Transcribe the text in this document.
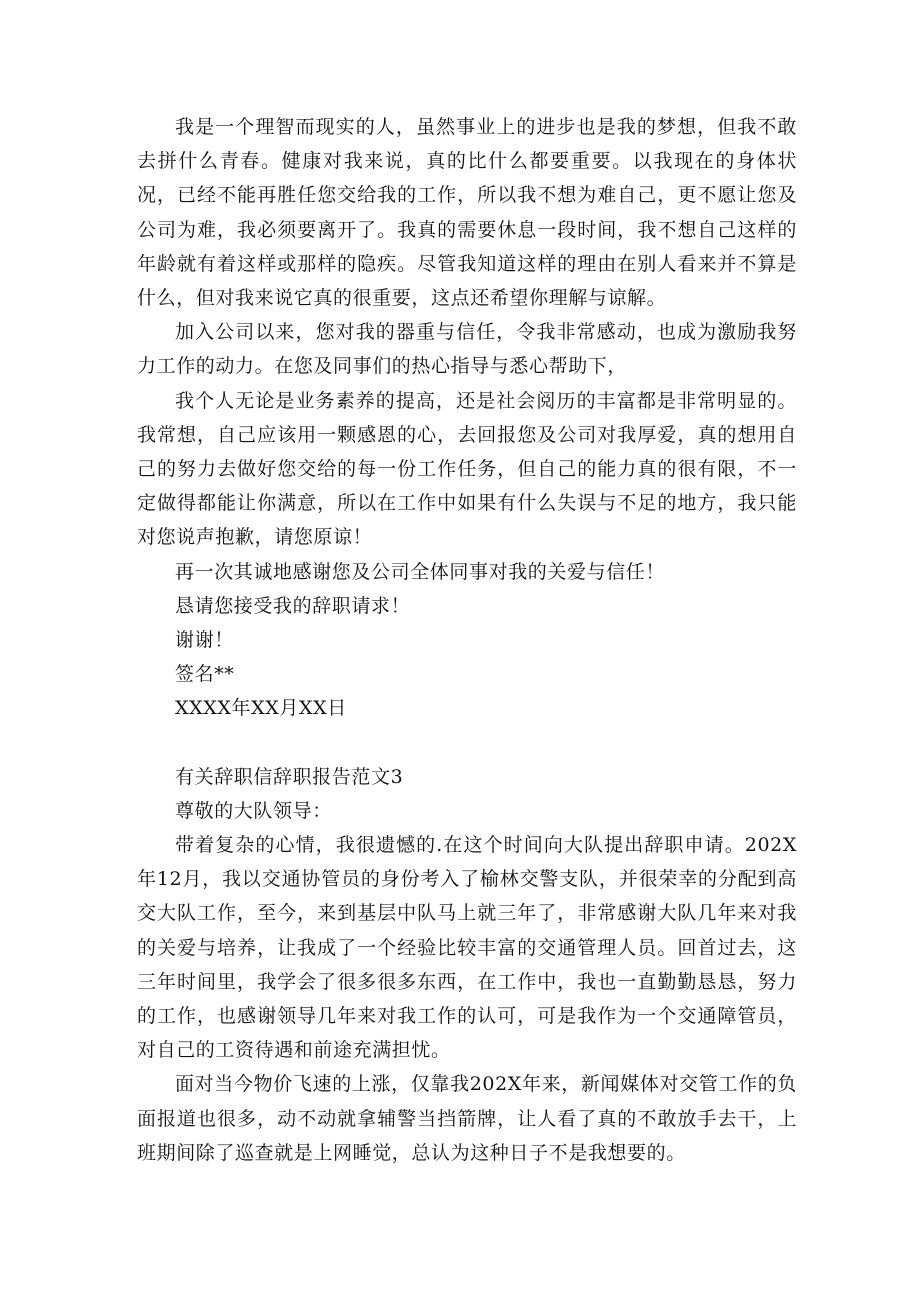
我是一个理智而现实的人，虽然事业上的进步也是我的梦想，但我不敢去拼什么青春。健康对我来说，真的比什么都要重要。以我现在的身体状况，已经不能再胜任您交给我的工作，所以我不想为难自己，更不愿让您及公司为难，我必须要离开了。我真的需要休息一段时间，我不想自己这样的年龄就有着这样或那样的隐疾。尽管我知道这样的理由在别人看来并不算是什么，但对我来说它真的很重要，这点还希望你理解与谅解。

加入公司以来，您对我的器重与信任，令我非常感动，也成为激励我努力工作的动力。在您及同事们的热心指导与悉心帮助下，

我个人无论是业务素养的提高，还是社会阅历的丰富都是非常明显的。我常想，自己应该用一颗感恩的心，去回报您及公司对我厚爱，真的想用自己的努力去做好您交给的每一份工作任务，但自己的能力真的很有限，不一定做得都能让你满意，所以在工作中如果有什么失误与不足的地方，我只能对您说声抱歉，请您原谅！

再一次其诚地感谢您及公司全体同事对我的关爱与信任！

恳请您接受我的辞职请求！

谢谢！

签名**

XXXX年XX月XX日

有关辞职信辞职报告范文3

尊敬的大队领导：

带着复杂的心情，我很遗憾的.在这个时间向大队提出辞职申请。202X年12月，我以交通协管员的身份考入了榆林交警支队，并很荣幸的分配到高交大队工作，至今，来到基层中队马上就三年了，非常感谢大队几年来对我的关爱与培养，让我成了一个经验比较丰富的交通管理人员。回首过去，这三年时间里，我学会了很多很多东西，在工作中，我也一直勤勤恳恳，努力的工作，也感谢领导几年来对我工作的认可，可是我作为一个交通障管员，对自己的工资待遇和前途充满担忧。

面对当今物价飞速的上涨，仅靠我202X年来，新闻媒体对交管工作的负面报道也很多，动不动就拿辅警当挡箭牌，让人看了真的不敢放手去干，上班期间除了巡查就是上网睡觉，总认为这种日子不是我想要的。
